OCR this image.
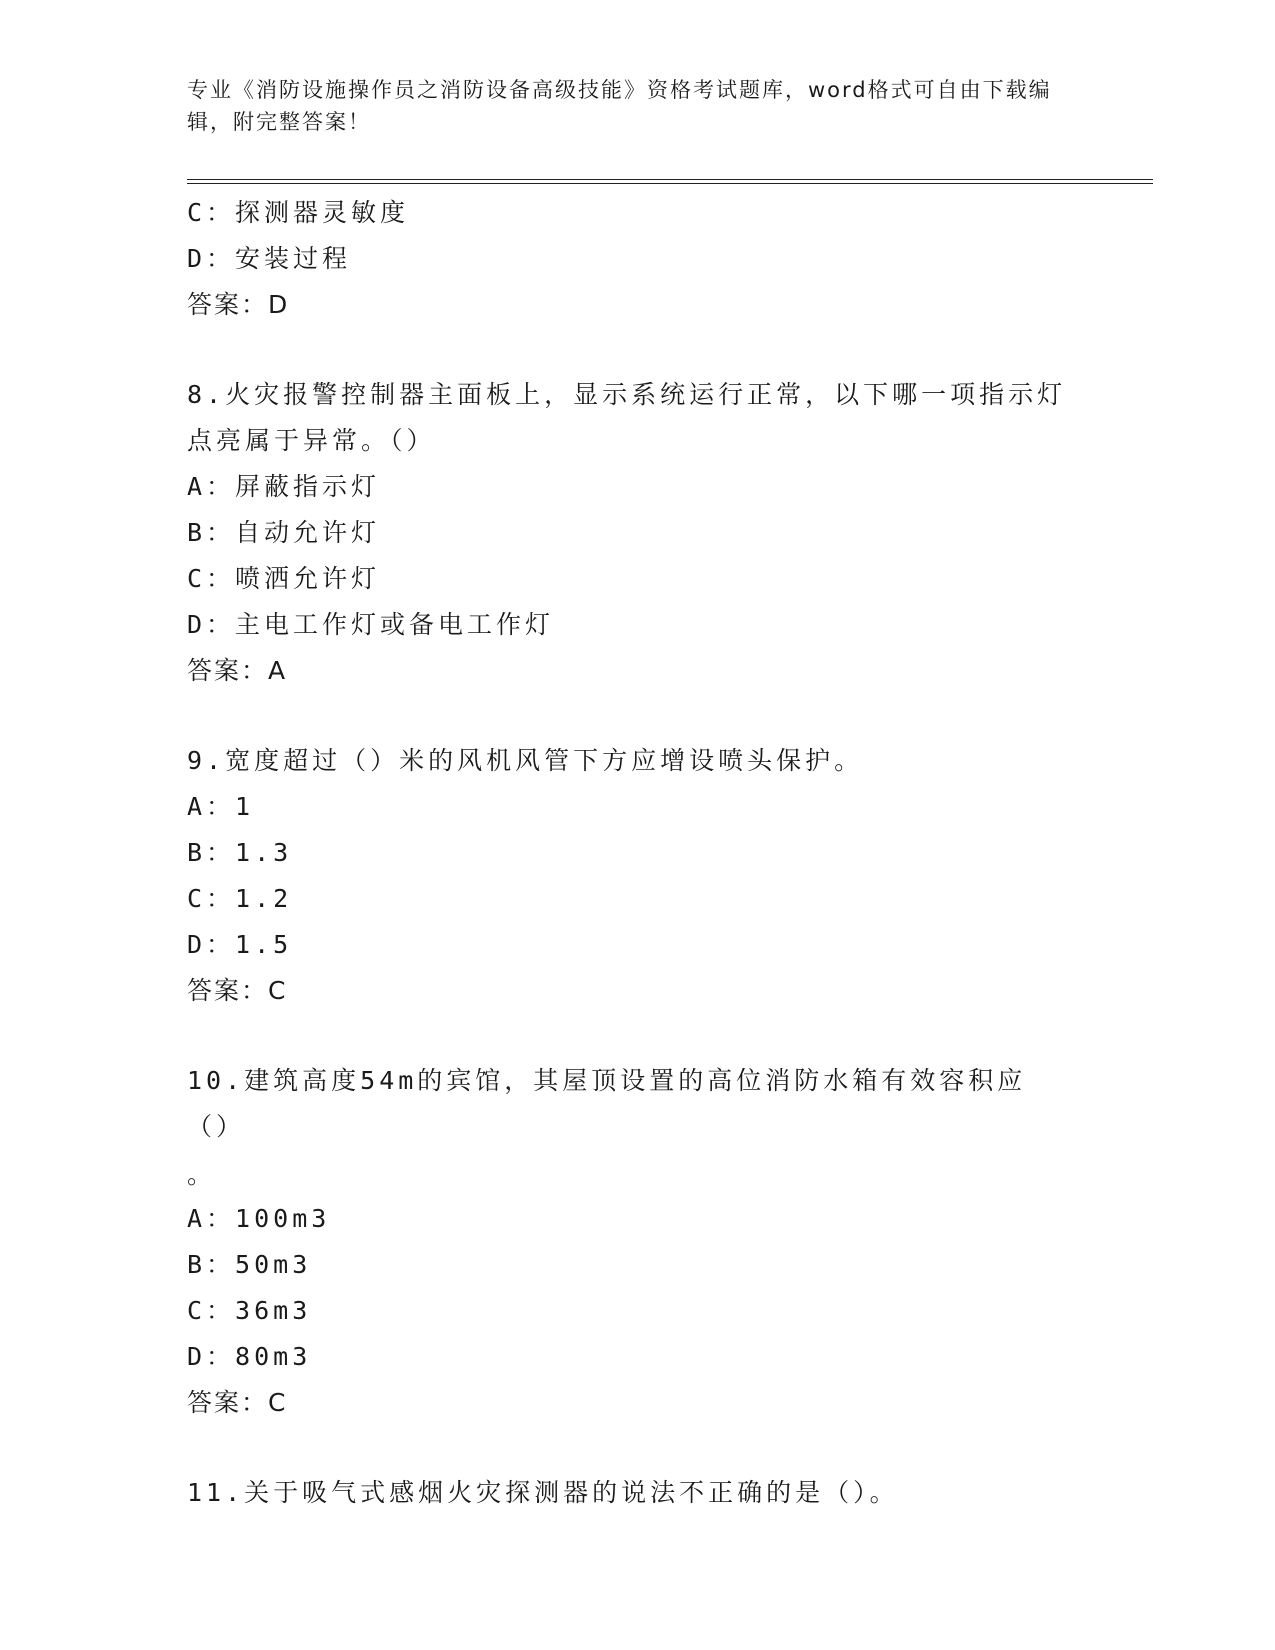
专业《消防设施操作员之消防设备高级技能》资格考试题库，word格式可自由下载编辑，附完整答案！
C：探测器灵敏度
D：安装过程
答案：D
8.火灾报警控制器主面板上，显示系统运行正常，以下哪一项指示灯点亮属于异常。（）
A：屏蔽指示灯
B：自动允许灯
C：喷洒允许灯
D：主电工作灯或备电工作灯
答案：A
9.宽度超过（）米的风机风管下方应增设喷头保护。
A：1
B：1.3
C：1.2
D：1.5
答案：C
10.建筑高度54m的宾馆，其屋顶设置的高位消防水箱有效容积应（）
。
A：100m3
B：50m3
C：36m3
D：80m3
答案：C
11.关于吸气式感烟火灾探测器的说法不正确的是（）。
